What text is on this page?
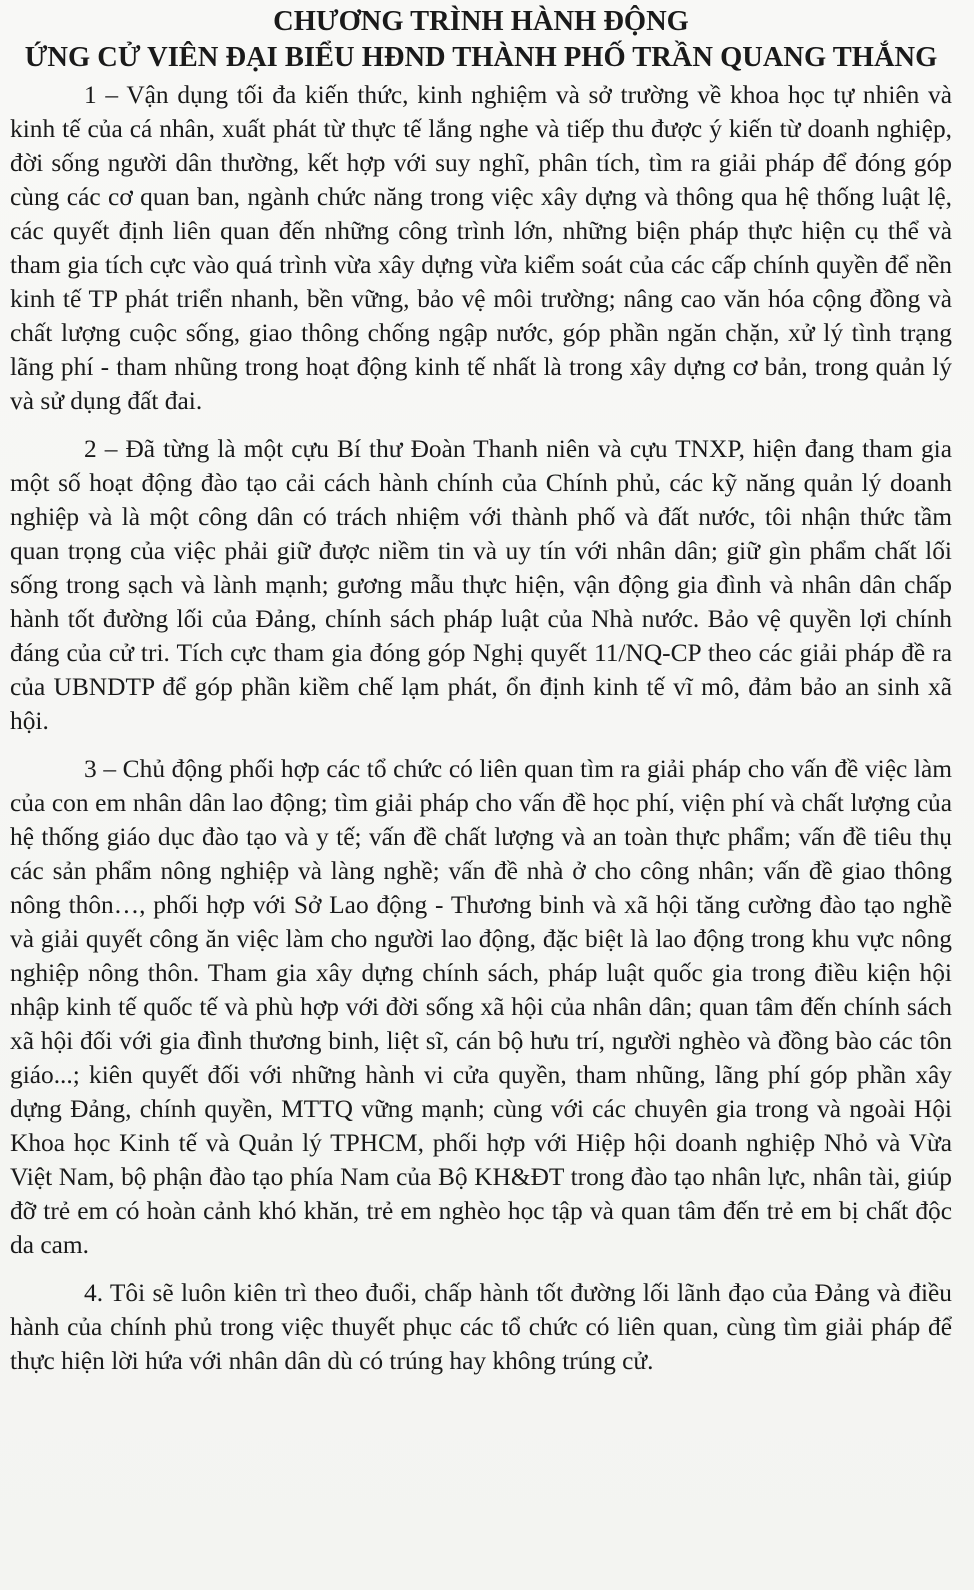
CHƯƠNG TRÌNH HÀNH ĐỘNG
ỨNG CỬ VIÊN ĐẠI BIỂU HĐND THÀNH PHỐ TRẦN QUANG THẮNG

1 – Vận dụng tối đa kiến thức, kinh nghiệm và sở trường về khoa học tự nhiên và kinh tế của cá nhân, xuất phát từ thực tế lắng nghe và tiếp thu được ý kiến từ doanh nghiệp, đời sống người dân thường, kết hợp với suy nghĩ, phân tích, tìm ra giải pháp để đóng góp cùng các cơ quan ban, ngành chức năng trong việc xây dựng và thông qua hệ thống luật lệ, các quyết định liên quan đến những công trình lớn, những biện pháp thực hiện cụ thể và tham gia tích cực vào quá trình vừa xây dựng vừa kiểm soát của các cấp chính quyền để nền kinh tế TP phát triển nhanh, bền vững, bảo vệ môi trường; nâng cao văn hóa cộng đồng và chất lượng cuộc sống, giao thông chống ngập nước, góp phần ngăn chặn, xử lý tình trạng lãng phí - tham nhũng trong hoạt động kinh tế nhất là trong xây dựng cơ bản, trong quản lý và sử dụng đất đai.

2 – Đã từng là một cựu Bí thư Đoàn Thanh niên và cựu TNXP, hiện đang tham gia một số hoạt động đào tạo cải cách hành chính của Chính phủ, các kỹ năng quản lý doanh nghiệp và là một công dân có trách nhiệm với thành phố và đất nước, tôi nhận thức tầm quan trọng của việc phải giữ được niềm tin và uy tín với nhân dân; giữ gìn phẩm chất lối sống trong sạch và lành mạnh; gương mẫu thực hiện, vận động gia đình và nhân dân chấp hành tốt đường lối của Đảng, chính sách pháp luật của Nhà nước. Bảo vệ quyền lợi chính đáng của cử tri. Tích cực tham gia đóng góp Nghị quyết 11/NQ-CP theo các giải pháp đề ra của UBNDTP để góp phần kiềm chế lạm phát, ổn định kinh tế vĩ mô, đảm bảo an sinh xã hội.

3 – Chủ động phối hợp các tổ chức có liên quan tìm ra giải pháp cho vấn đề việc làm của con em nhân dân lao động; tìm giải pháp cho vấn đề học phí, viện phí và chất lượng của hệ thống giáo dục đào tạo và y tế; vấn đề chất lượng và an toàn thực phẩm; vấn đề tiêu thụ các sản phẩm nông nghiệp và làng nghề; vấn đề nhà ở cho công nhân; vấn đề giao thông nông thôn…, phối hợp với Sở Lao động - Thương binh và xã hội tăng cường đào tạo nghề và giải quyết công ăn việc làm cho người lao động, đặc biệt là lao động trong khu vực nông nghiệp nông thôn. Tham gia xây dựng chính sách, pháp luật quốc gia trong điều kiện hội nhập kinh tế quốc tế và phù hợp với đời sống xã hội của nhân dân; quan tâm đến chính sách xã hội đối với gia đình thương binh, liệt sĩ, cán bộ hưu trí, người nghèo và đồng bào các tôn giáo...; kiên quyết đối với những hành vi cửa quyền, tham nhũng, lãng phí góp phần xây dựng Đảng, chính quyền, MTTQ vững mạnh; cùng với các chuyên gia trong và ngoài Hội Khoa học Kinh tế và Quản lý TPHCM, phối hợp với Hiệp hội doanh nghiệp Nhỏ và Vừa Việt Nam, bộ phận đào tạo phía Nam của Bộ KH&ĐT trong đào tạo nhân lực, nhân tài, giúp đỡ trẻ em có hoàn cảnh khó khăn, trẻ em nghèo học tập và quan tâm đến trẻ em bị chất độc da cam.

4. Tôi sẽ luôn kiên trì theo đuổi, chấp hành tốt đường lối lãnh đạo của Đảng và điều hành của chính phủ trong việc thuyết phục các tổ chức có liên quan, cùng tìm giải pháp để thực hiện lời hứa với nhân dân dù có trúng hay không trúng cử.
